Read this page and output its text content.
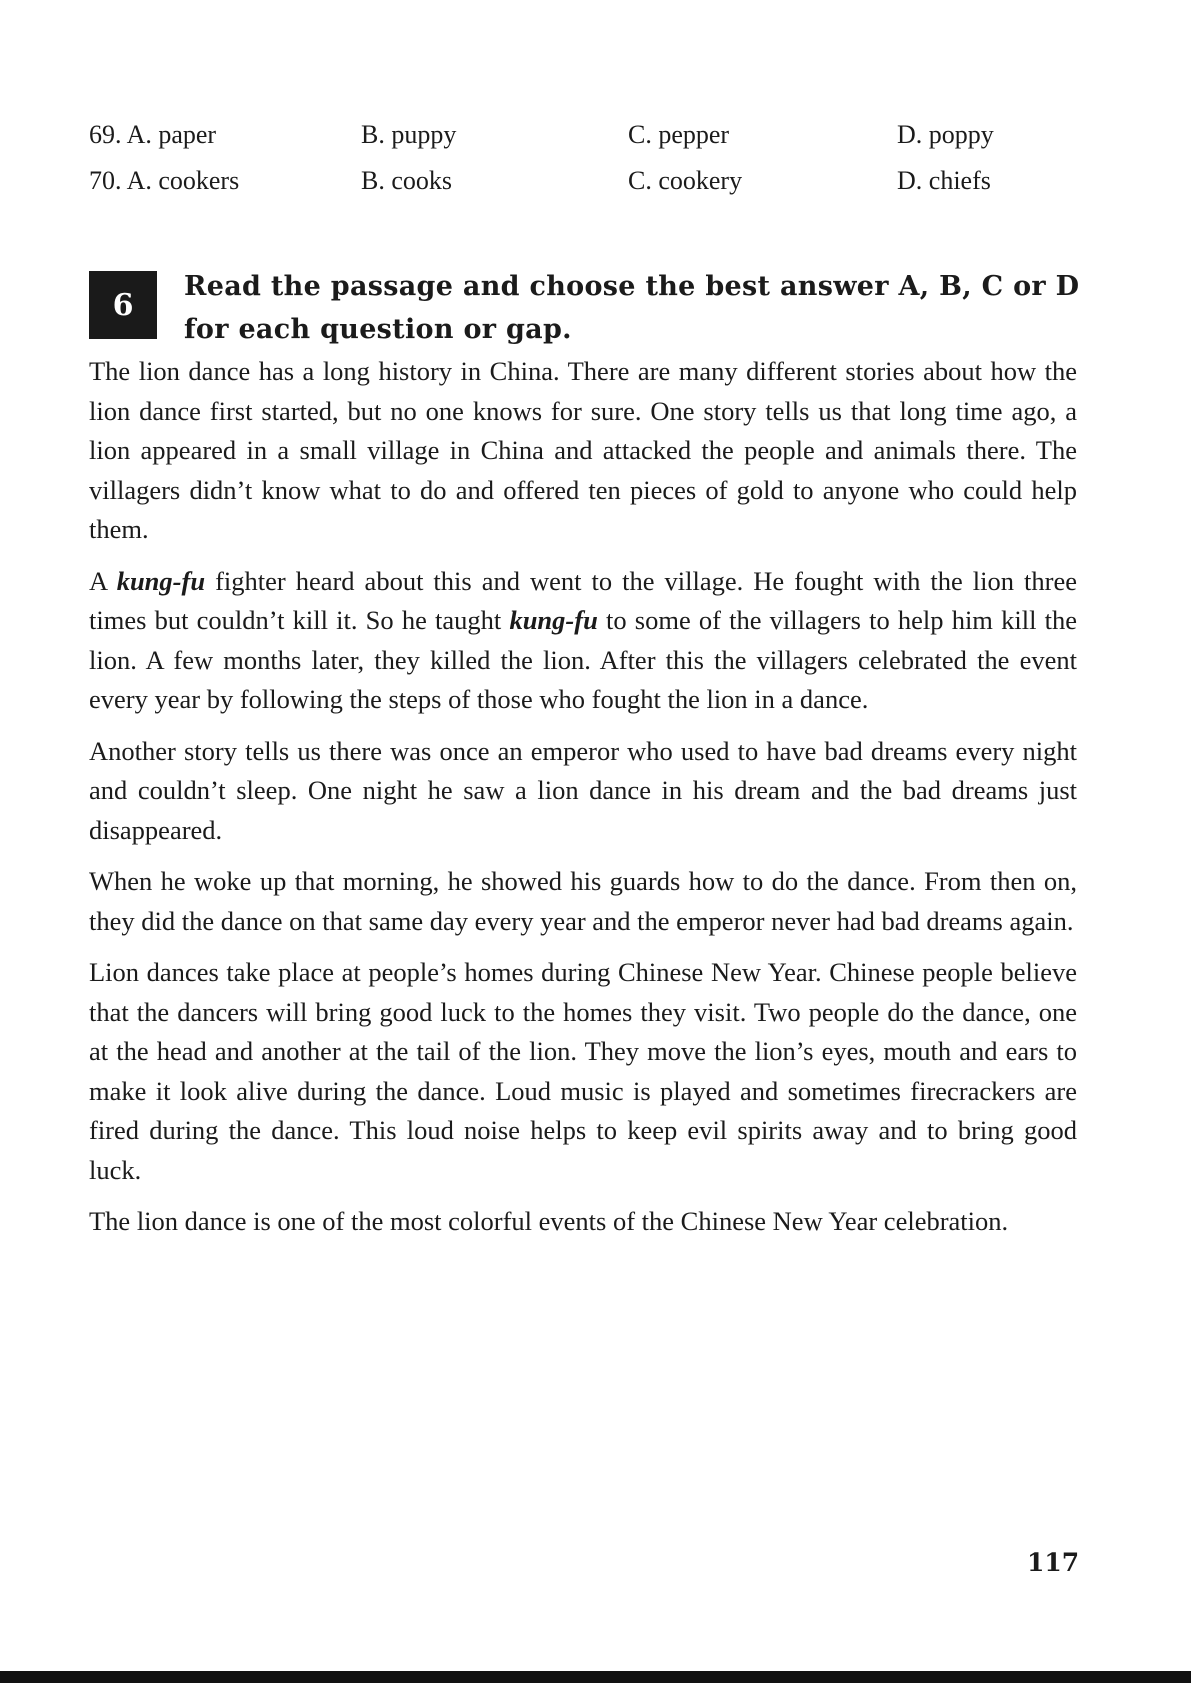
69. A. paper	B. puppy	C. pepper	D. poppy
70. A. cookers	B. cooks	C. cookery	D. chiefs
6
Read the passage and choose the best answer A, B, C or D for each question or gap.

The lion dance has a long history in China. There are many different stories about how the lion dance first started, but no one knows for sure. One story tells us that long time ago, a lion appeared in a small village in China and attacked the people and animals there. The villagers didn’t know what to do and offered ten pieces of gold to anyone who could help them.

A kung-fu fighter heard about this and went to the village. He fought with the lion three times but couldn’t kill it. So he taught kung-fu to some of the villagers to help him kill the lion. A few months later, they killed the lion. After this the villagers celebrated the event every year by following the steps of those who fought the lion in a dance.

Another story tells us there was once an emperor who used to have bad dreams every night and couldn’t sleep. One night he saw a lion dance in his dream and the bad dreams just disappeared.

When he woke up that morning, he showed his guards how to do the dance. From then on, they did the dance on that same day every year and the emperor never had bad dreams again.

Lion dances take place at people’s homes during Chinese New Year. Chinese people believe that the dancers will bring good luck to the homes they visit. Two people do the dance, one at the head and another at the tail of the lion. They move the lion’s eyes, mouth and ears to make it look alive during the dance. Loud music is played and sometimes firecrackers are fired during the dance. This loud noise helps to keep evil spirits away and to bring good luck.

The lion dance is one of the most colorful events of the Chinese New Year celebration.

117
